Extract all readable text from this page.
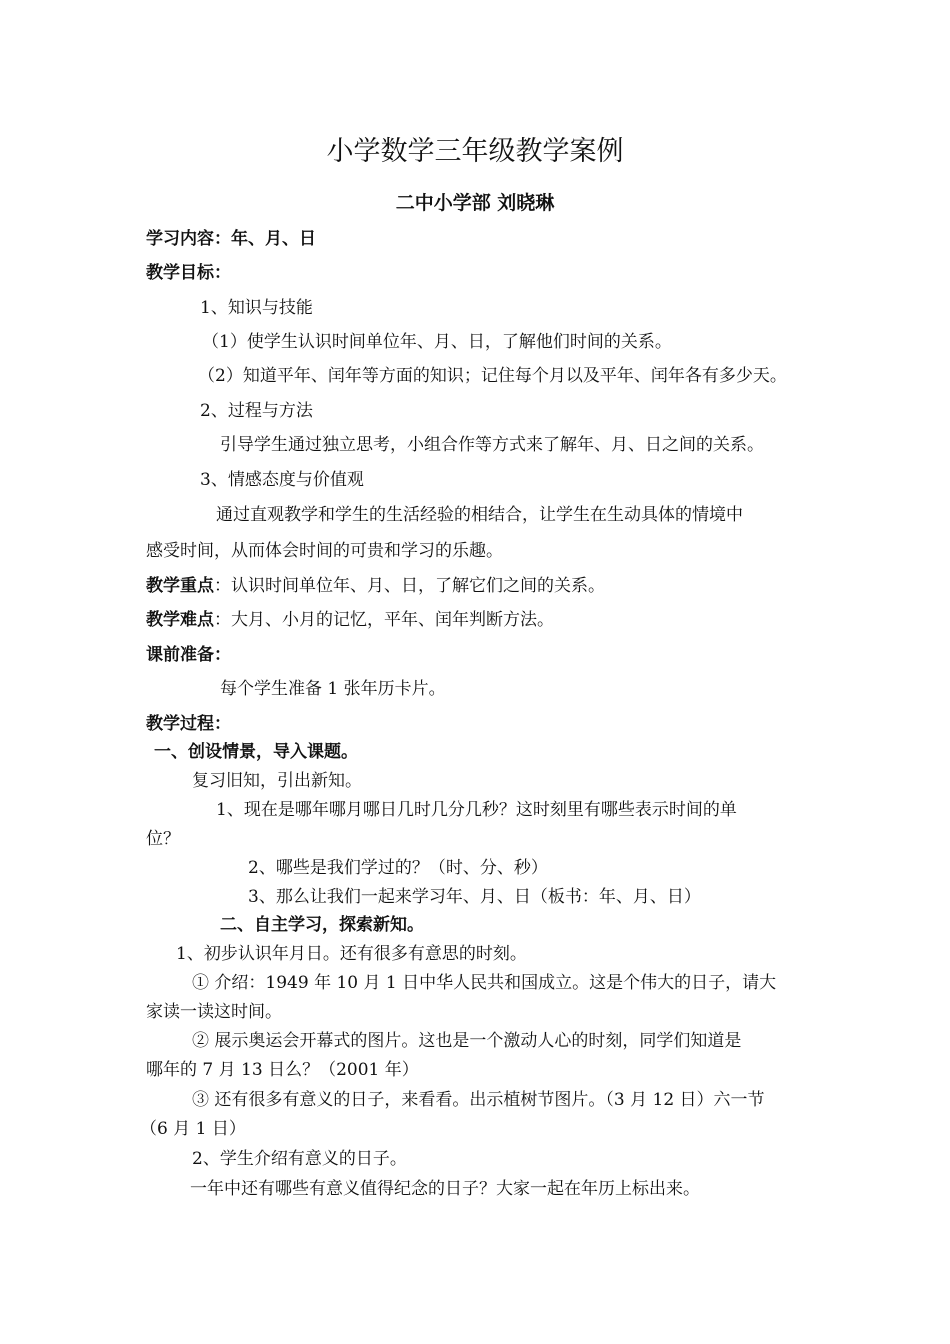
小学数学三年级教学案例
二中小学部 刘晓琳
学习内容：年、月、日
教学目标：
1、知识与技能
（1）使学生认识时间单位年、月、日，了解他们时间的关系。
（2）知道平年、闰年等方面的知识；记住每个月以及平年、闰年各有多少天。
2、过程与方法
引导学生通过独立思考，小组合作等方式来了解年、月、日之间的关系。
3、情感态度与价值观
通过直观教学和学生的生活经验的相结合，让学生在生动具体的情境中
感受时间，从而体会时间的可贵和学习的乐趣。
教学重点：认识时间单位年、月、日，了解它们之间的关系。
教学难点：大月、小月的记忆，平年、闰年判断方法。
课前准备：
每个学生准备 1 张年历卡片。
教学过程：
一、创设情景，导入课题。
复习旧知，引出新知。
1、现在是哪年哪月哪日几时几分几秒？这时刻里有哪些表示时间的单
位？
2、哪些是我们学过的？（时、分、秒）
3、那么让我们一起来学习年、月、日（板书：年、月、日）
二、自主学习，探索新知。
1、初步认识年月日。还有很多有意思的时刻。
① 介绍：1949 年 10 月 1 日中华人民共和国成立。这是个伟大的日子，请大
家读一读这时间。
② 展示奥运会开幕式的图片。这也是一个激动人心的时刻，同学们知道是
哪年的 7 月 13 日么？（2001 年）
③ 还有很多有意义的日子，来看看。出示植树节图片。（3 月 12 日）六一节
（6 月 1 日）
2、学生介绍有意义的日子。
一年中还有哪些有意义值得纪念的日子？大家一起在年历上标出来。
